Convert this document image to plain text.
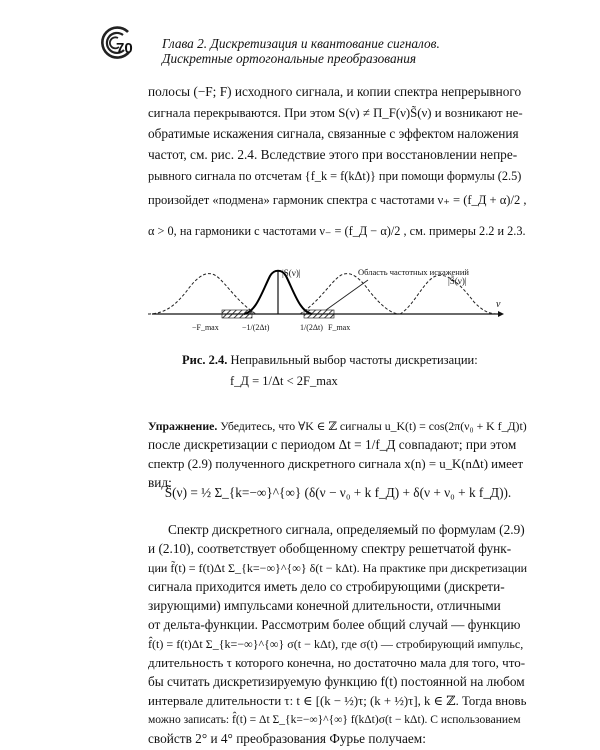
70 Глава 2. Дискретизация и квантование сигналов.
Дискретные ортогональные преобразования
полосы (−F; F) исходного сигнала, и копии спектра непрерывного
сигнала перекрываются. При этом S(ν) ≠ Π_F(ν)S̃(ν) и возникают не-
обратимые искажения сигнала, связанные с эффектом наложения
частот, см. рис. 2.4. Вследствие этого при восстановлении непре-
рывного сигнала по отсчетам {f_k = f(kΔt)} при помощи формулы (2.5)
произойдет «подмена» гармоник спектра с частотами ν₊ = (f_Д + α)/2 ,
α > 0, на гармоники с частотами ν₋ = (f_Д − α)/2 , см. примеры 2.2 и 2.3.
Область частотных искажений
|S(ν)|
|S̃(ν)|
ν
−F_max	−1/(2Δt)	1/(2Δt) F_max
Рис. 2.4. Неправильный выбор частоты дискретизации:
f_Д = 1/Δt < 2F_max
Упражнение. Убедитесь, что ∀K ∈ ℤ сигналы u_K(t) = cos(2π(ν₀ + K f_Д)t)
после дискретизации с периодом Δt = 1/f_Д совпадают; при этом
спектр (2.9) полученного дискретного сигнала x(n) = u_K(nΔt) имеет
вид:
S̃(ν) = ½ Σ_{k=−∞}^{∞} (δ(ν − ν₀ + k f_Д) + δ(ν + ν₀ + k f_Д)).
Спектр дискретного сигнала, определяемый по формулам (2.9)
и (2.10), соответствует обобщенному спектру решетчатой функ-
ции f̃(t) = f(t)Δt Σ_{k=−∞}^{∞} δ(t − kΔt). На практике при дискретизации
сигнала приходится иметь дело со стробирующими (дискрети-
зирующими) импульсами конечной длительности, отличными
от дельта-функции. Рассмотрим более общий случай — функцию
f̂(t) = f(t)Δt Σ_{k=−∞}^{∞} σ(t − kΔt), где σ(t) — стробирующий импульс,
длительность τ которого конечна, но достаточно мала для того, что-
бы считать дискретизируемую функцию f(t) постоянной на любом
интервале длительности τ: t ∈ [(k − ½)τ; (k + ½)τ], k ∈ ℤ. Тогда вновь
можно записать: f̂(t) = Δt Σ_{k=−∞}^{∞} f(kΔt)σ(t − kΔt). С использованием
свойств 2° и 4° преобразования Фурье получаем:
